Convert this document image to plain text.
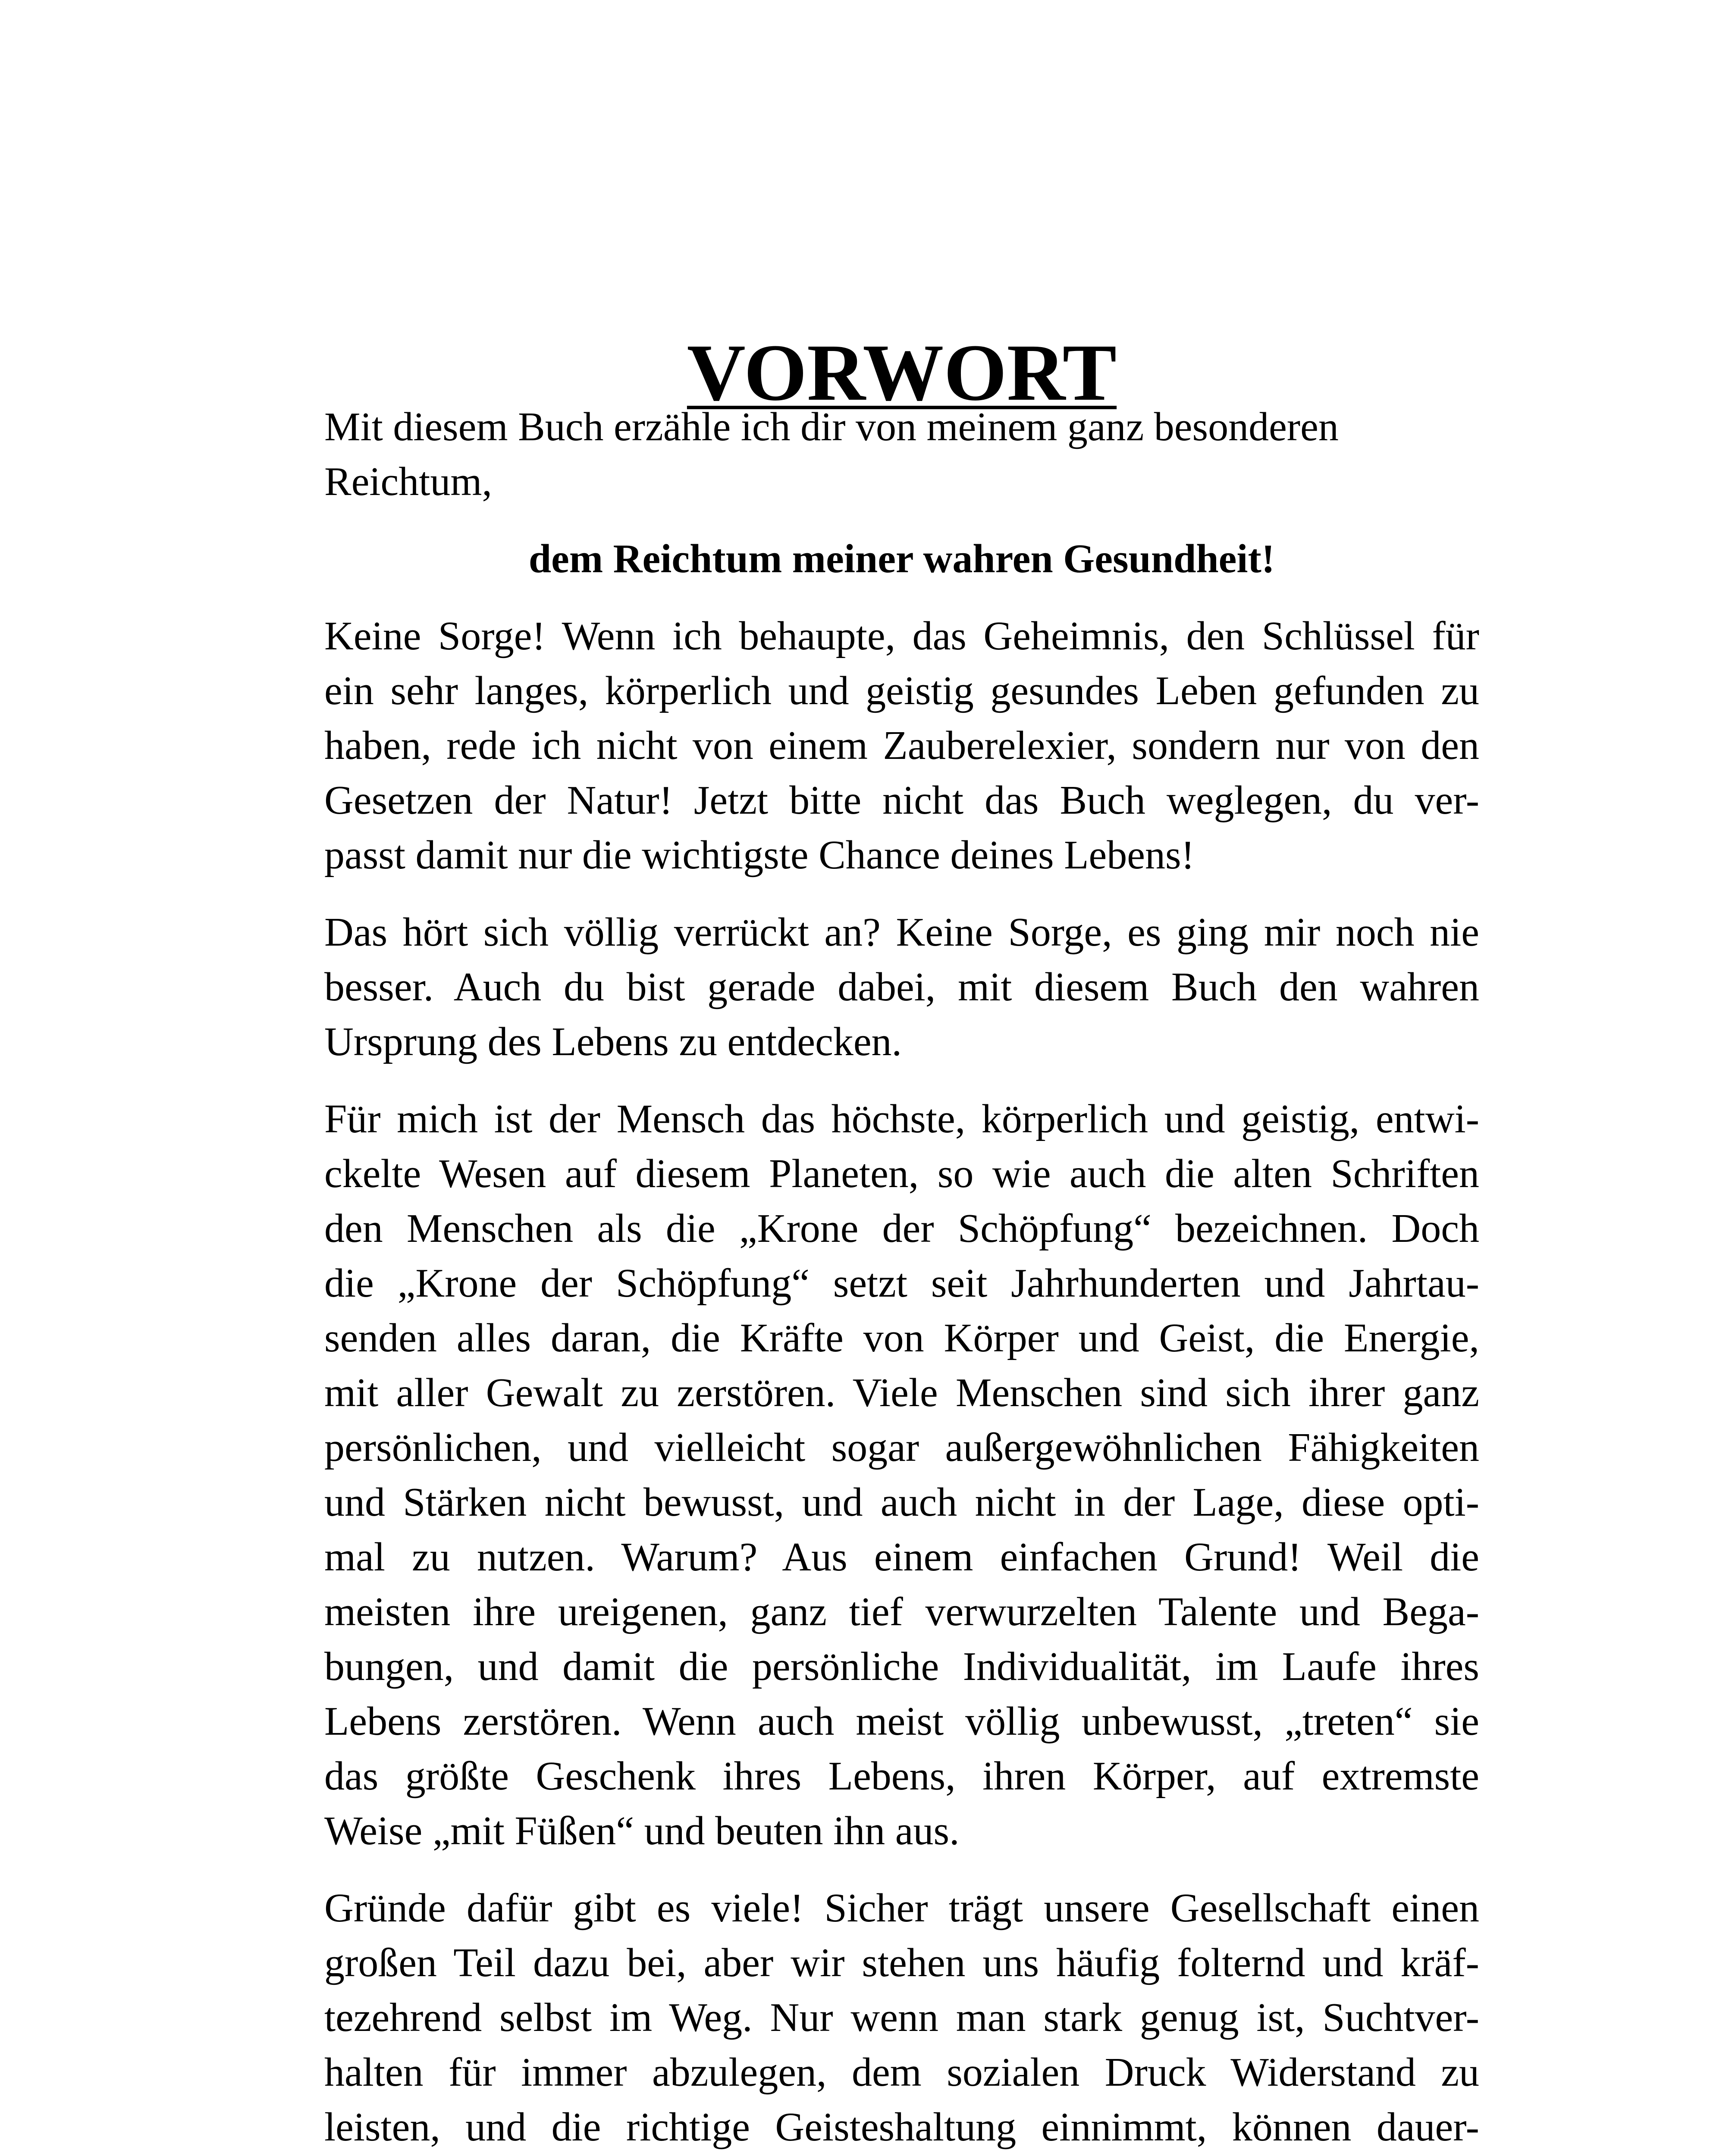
VORWORT

Mit diesem Buch erzähle ich dir von meinem ganz besonderen
Reichtum,

dem Reichtum meiner wahren Gesundheit!

Keine Sorge! Wenn ich behaupte, das Geheimnis, den Schlüssel für
ein sehr langes, körperlich und geistig gesundes Leben gefunden zu
haben, rede ich nicht von einem Zauberelexier, sondern nur von den
Gesetzen der Natur! Jetzt bitte nicht das Buch weglegen, du ver-
passt damit nur die wichtigste Chance deines Lebens!

Das hört sich völlig verrückt an? Keine Sorge, es ging mir noch nie
besser. Auch du bist gerade dabei, mit diesem Buch den wahren
Ursprung des Lebens zu entdecken.

Für mich ist der Mensch das höchste, körperlich und geistig, entwi-
ckelte Wesen auf diesem Planeten, so wie auch die alten Schriften
den Menschen als die „Krone der Schöpfung“ bezeichnen. Doch
die „Krone der Schöpfung“ setzt seit Jahrhunderten und Jahrtau-
senden alles daran, die Kräfte von Körper und Geist, die Energie,
mit aller Gewalt zu zerstören. Viele Menschen sind sich ihrer ganz
persönlichen, und vielleicht sogar außergewöhnlichen Fähigkeiten
und Stärken nicht bewusst, und auch nicht in der Lage, diese opti-
mal zu nutzen. Warum? Aus einem einfachen Grund! Weil die
meisten ihre ureigenen, ganz tief verwurzelten Talente und Bega-
bungen, und damit die persönliche Individualität, im Laufe ihres
Lebens zerstören. Wenn auch meist völlig unbewusst, „treten“ sie
das größte Geschenk ihres Lebens, ihren Körper, auf extremste
Weise „mit Füßen“ und beuten ihn aus.

Gründe dafür gibt es viele! Sicher trägt unsere Gesellschaft einen
großen Teil dazu bei, aber wir stehen uns häufig folternd und kräf-
tezehrend selbst im Weg. Nur wenn man stark genug ist, Suchtver-
halten für immer abzulegen, dem sozialen Druck Widerstand zu
leisten, und die richtige Geisteshaltung einnimmt, können dauer-
